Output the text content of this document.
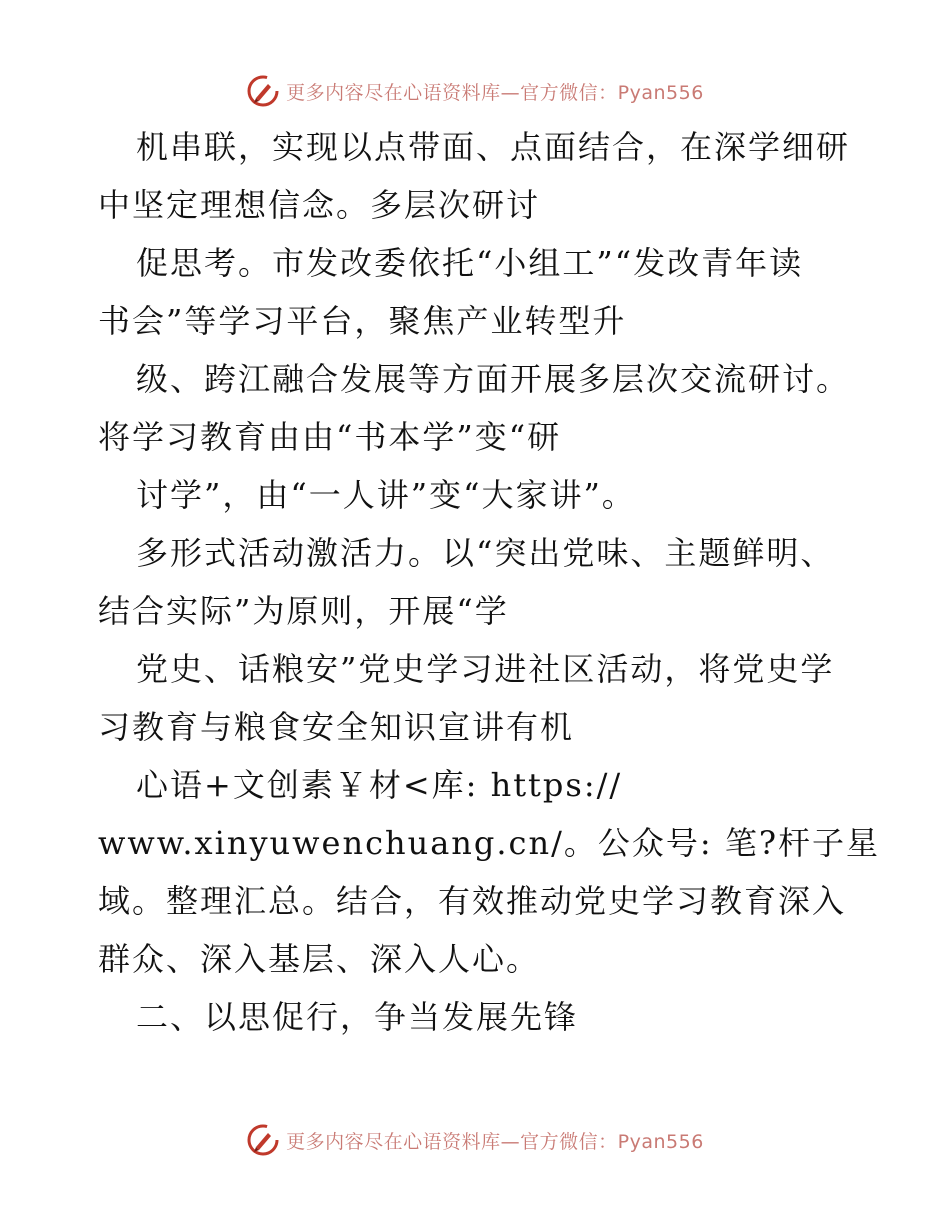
更多内容尽在心语资料库—官方微信：Pyan556
机串联，实现以点带面、点面结合，在深学细研
中坚定理想信念。多层次研讨
促思考。市发改委依托“小组工”“发改青年读
书会”等学习平台，聚焦产业转型升
级、跨江融合发展等方面开展多层次交流研讨。
将学习教育由由“书本学”变“研
讨学”，由“一人讲”变“大家讲”。
多形式活动激活力。以“突出党味、主题鲜明、
结合实际”为原则，开展“学
党史、话粮安”党史学习进社区活动，将党史学
习教育与粮食安全知识宣讲有机
心语+文创素￥材<库: https://
www.xinyuwenchuang.cn/。公众号: 笔?杆子星
域。整理汇总。结合，有效推动党史学习教育深入
群众、深入基层、深入人心。
二、以思促行，争当发展先锋
更多内容尽在心语资料库—官方微信：Pyan556
